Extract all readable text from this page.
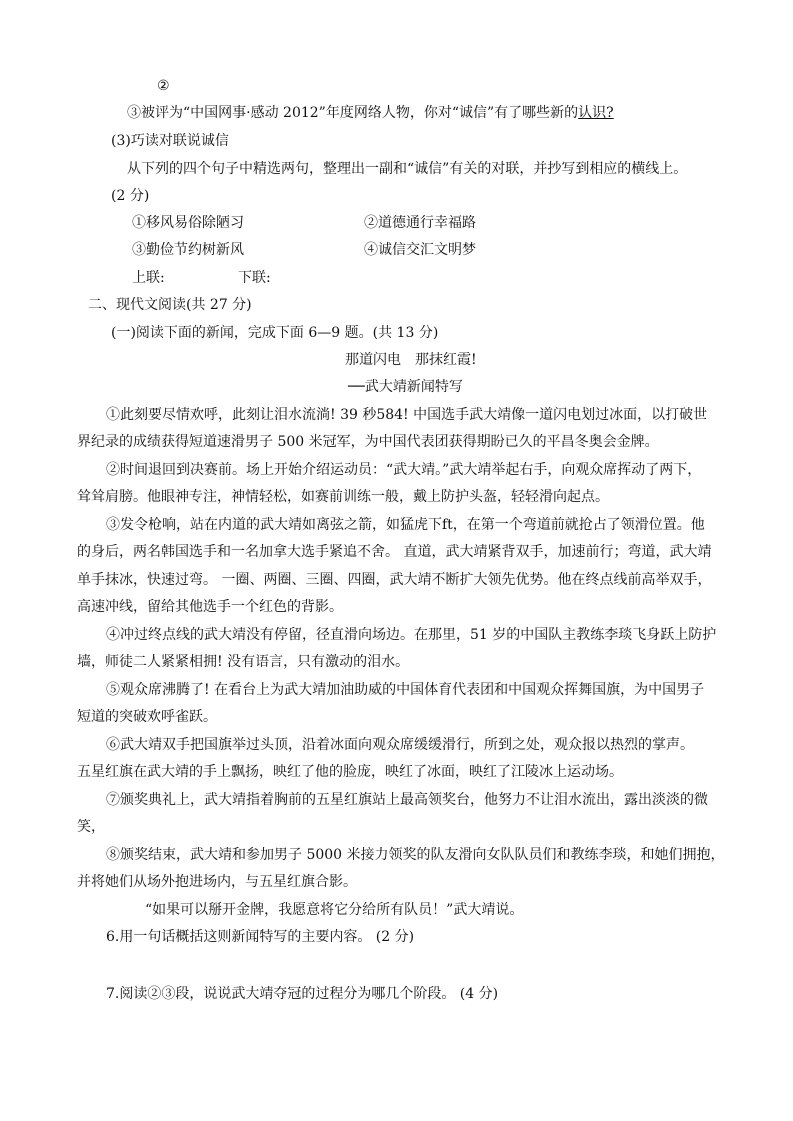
②
③被评为“中国网事·感动 2012”年度网络人物，你对“诚信”有了哪些新的认识?
(3)巧读对联说诚信
从下列的四个句子中精选两句，整理出一副和“诚信”有关的对联，并抄写到相应的横线上。
(2 分)
①移风易俗除陋习	②道德通行幸福路
③勤俭节约树新风	④诚信交汇文明梦
上联:	下联:
二、现代文阅读(共 27 分)
(一)阅读下面的新闻，完成下面 6—9 题。(共 13 分)
那道闪电　那抹红霞!
──武大靖新闻特写
①此刻要尽情欢呼，此刻让泪水流淌! 39 秒584! 中国选手武大靖像一道闪电划过冰面，以打破世
界纪录的成绩获得短道速滑男子 500 米冠军，为中国代表团获得期盼已久的平昌冬奥会金牌。
②时间退回到决赛前。场上开始介绍运动员：“武大靖。”武大靖举起右手，向观众席挥动了两下，
耸耸肩膀。他眼神专注，神情轻松，如赛前训练一般，戴上防护头盔，轻轻滑向起点。
③发令枪响，站在内道的武大靖如离弦之箭，如猛虎下ft，在第一个弯道前就抢占了领滑位置。他
的身后，两名韩国选手和一名加拿大选手紧追不舍。 直道，武大靖紧背双手，加速前行；弯道，武大靖
单手抹冰，快速过弯。 一圈、两圈、三圈、四圈，武大靖不断扩大领先优势。他在终点线前高举双手，
高速冲线，留给其他选手一个红色的背影。
④冲过终点线的武大靖没有停留，径直滑向场边。在那里，51 岁的中国队主教练李琰飞身跃上防护
墙，师徒二人紧紧相拥! 没有语言，只有激动的泪水。
⑤观众席沸腾了! 在看台上为武大靖加油助威的中国体育代表团和中国观众挥舞国旗，为中国男子
短道的突破欢呼雀跃。
⑥武大靖双手把国旗举过头顶，沿着冰面向观众席缓缓滑行，所到之处，观众报以热烈的掌声。
五星红旗在武大靖的手上飘扬，映红了他的脸庞，映红了冰面，映红了江陵冰上运动场。
⑦颁奖典礼上，武大靖指着胸前的五星红旗站上最高领奖台，他努力不让泪水流出，露出淡淡的微
笑，
⑧颁奖结束，武大靖和参加男子 5000 米接力领奖的队友滑向女队队员们和教练李琰，和她们拥抱，
并将她们从场外抱进场内，与五星红旗合影。
“如果可以掰开金牌，我愿意将它分给所有队员！”武大靖说。
6.用一句话概括这则新闻特写的主要内容。 (2 分)
7.阅读②③段，说说武大靖夺冠的过程分为哪几个阶段。 (4 分)
